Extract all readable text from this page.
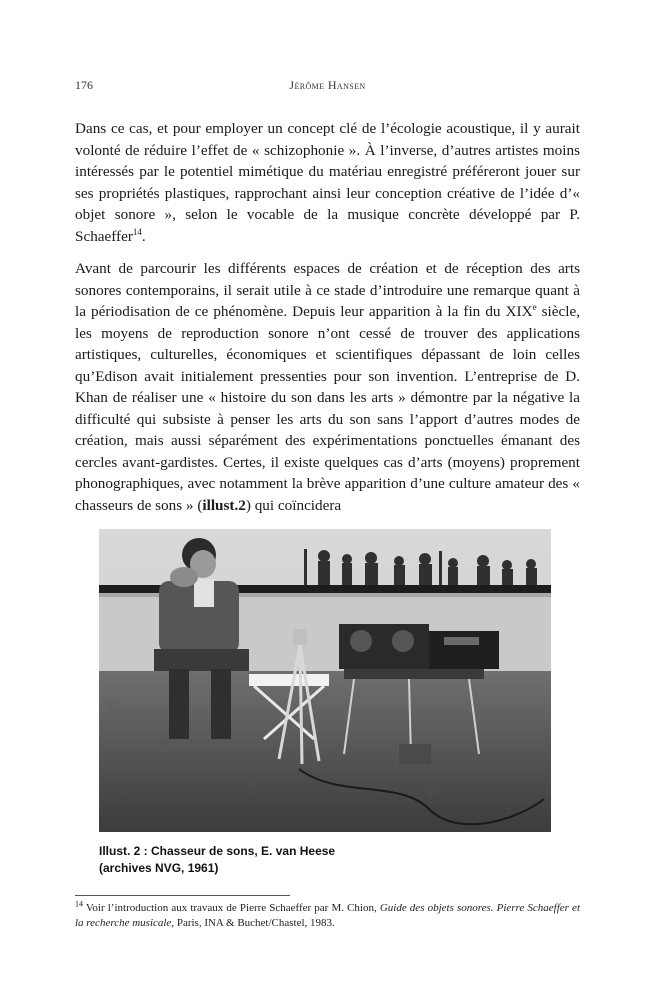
176	Jérôme Hansen

Dans ce cas, et pour employer un concept clé de l’écologie acoustique, il y aurait volonté de réduire l’effet de « schizophonie ». À l’inverse, d’autres artistes moins intéressés par le potentiel mimétique du matériau enregistré préféreront jouer sur ses propriétés plastiques, rapprochant ainsi leur conception créative de l’idée d’« objet sonore », selon le vocable de la musique concrète développé par P. Schaeffer$^{14}$.

Avant de parcourir les différents espaces de création et de réception des arts sonores contemporains, il serait utile à ce stade d’introduire une remarque quant à la périodisation de ce phénomène. Depuis leur apparition à la fin du XIXe siècle, les moyens de reproduction sonore n’ont cessé de trouver des applications artistiques, culturelles, économiques et scientifiques dépassant de loin celles qu’Edison avait initialement pressenties pour son invention. L’entreprise de D. Khan de réaliser une « histoire du son dans les arts » démontre par la négative la difficulté qui subsiste à penser les arts du son sans l’apport d’autres modes de création, mais aussi séparément des expérimentations ponctuelles émanant des cercles avant-gardistes. Certes, il existe quelques cas d’arts (moyens) proprement phonographiques, avec notamment la brève apparition d’une culture amateur des « chasseurs de sons » (illust.2) qui coïncidera

Illust. 2 : Chasseur de sons, E. van Heese
(archives NVG, 1961)

$^{14}$ Voir l’introduction aux travaux de Pierre Schaeffer par M. Chion, Guide des objets sonores. Pierre Schaeffer et la recherche musicale, Paris, INA & Buchet/Chastel, 1983.
